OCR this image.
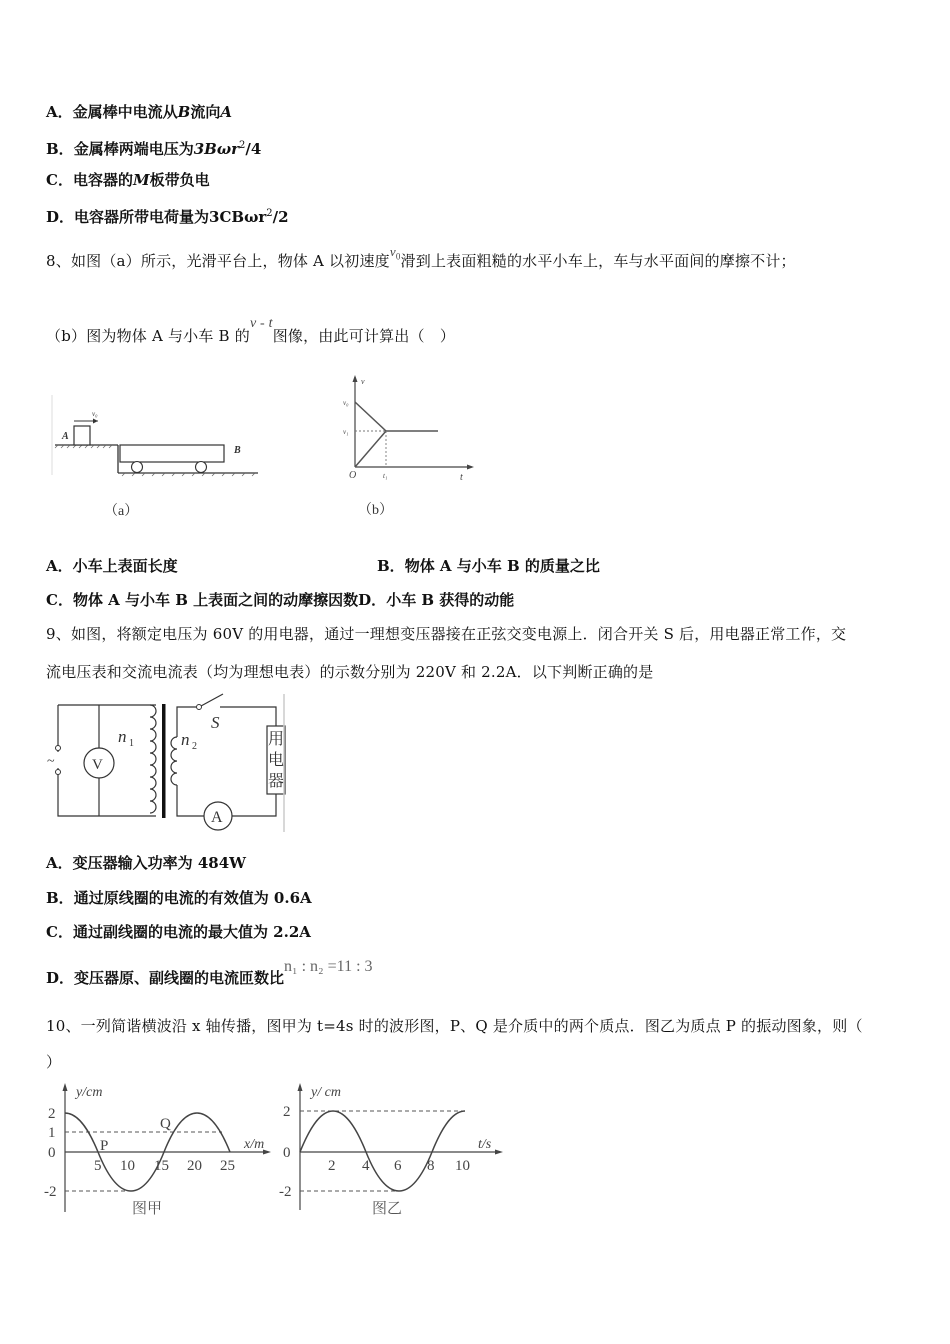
A．金属棒中电流从B流向A
B．金属棒两端电压为3Bωr$^2$/4
C．电容器的M板带负电
D．电容器所带电荷量为3CBωr$^2$/2
8、如图（a）所示，光滑平台上，物体 A 以初速度$v_0$滑到上表面粗糙的水平小车上，车与水平面间的摩擦不计；
（b）图为物体 A 与小车 B 的v - t图像，由此可计算出（　）
v₀
A
B
（a）
v
v₀
v₁
O	t₁	t
（b）
A．小车上表面长度	B．物体 A 与小车 B 的质量之比
C．物体 A 与小车 B 上表面之间的动摩擦因数D．小车 B 获得的动能
9、如图，将额定电压为 60V 的用电器，通过一理想变压器接在正弦交变电源上．闭合开关 S 后，用电器正常工作，交
流电压表和交流电流表（均为理想电表）的示数分别为 220V 和 2.2A．以下判断正确的是
~ V
n 1	n 2
S
用
电
器
A
A．变压器输入功率为 484W
B．通过原线圈的电流的有效值为 0.6A
C．通过副线圈的电流的最大值为 2.2A
D．变压器原、副线圈的电流匝数比n₁ : n₂ =11 : 3
10、一列简谐横波沿 x 轴传播，图甲为 t=4s 时的波形图，P、Q 是介质中的两个质点．图乙为质点 P 的振动图象，则（
）
y/cm
2
1
0
-2
5 10 15 20 25
x/m
P
Q
图甲
y/ cm
2
0
-2
2 4 6 8 10
t/s
图乙
